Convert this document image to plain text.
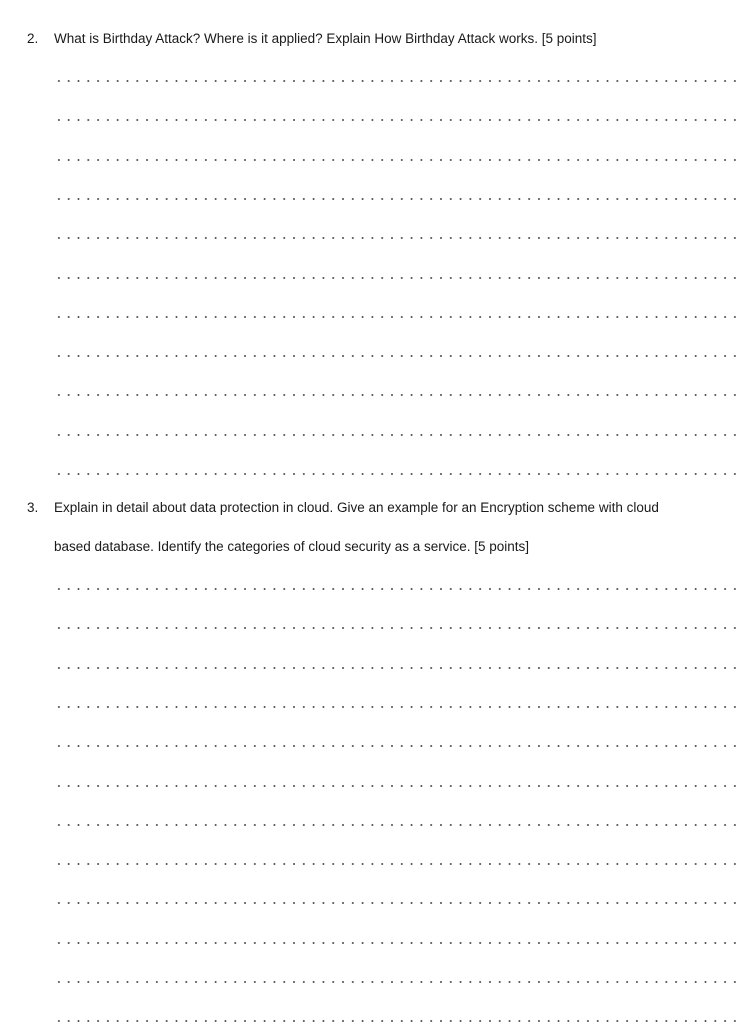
2. What is Birthday Attack? Where is it applied? Explain How Birthday Attack works. [5 points]
3. Explain in detail about data protection in cloud. Give an example for an Encryption scheme with cloud
based database. Identify the categories of cloud security as a service. [5 points]
